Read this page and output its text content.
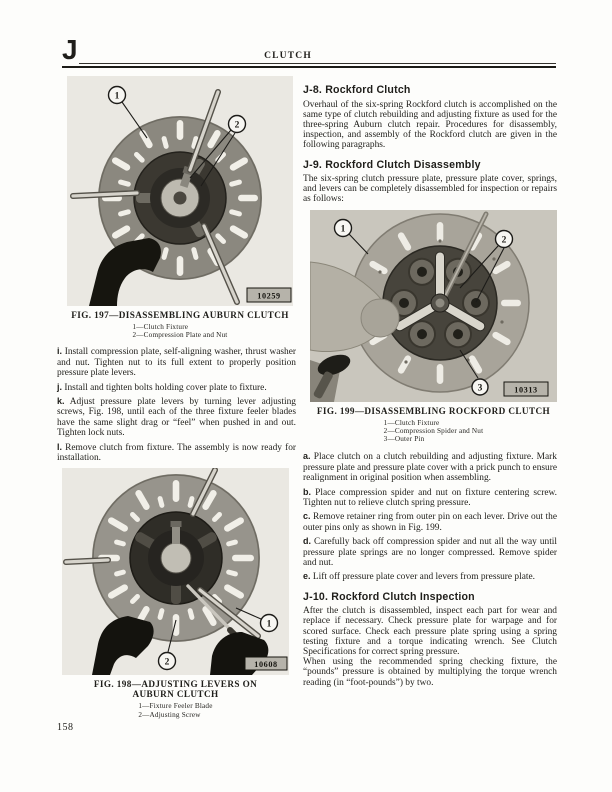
J	CLUTCH
1
2
10259
FIG. 197—DISASSEMBLING AUBURN CLUTCH
1—Clutch Fixture
2—Compression Plate and Nut

i. Install compression plate, self-aligning washer, thrust washer and nut. Tighten nut to its full extent to properly position pressure plate levers.

j. Install and tighten bolts holding cover plate to fixture.

k. Adjust pressure plate levers by turning lever adjusting screws, Fig. 198, until each of the three fixture feeler blades have the same slight drag or “feel” when pushed in and out. Tighten lock nuts.

l. Remove clutch from fixture. The assembly is now ready for installation.

1
2	10608
FIG. 198—ADJUSTING LEVERS ON
AUBURN CLUTCH
1—Fixture Feeler Blade
2—Adjusting Screw
J-8. Rockford Clutch

Overhaul of the six-spring Rockford clutch is accomplished on the same type of clutch rebuilding and adjusting fixture as used for the three-spring Auburn clutch repair. Procedures for disassembly, inspection, and assembly of the Rockford clutch are given in the following paragraphs.

J-9. Rockford Clutch Disassembly

The six-spring clutch pressure plate, pressure plate cover, springs, and levers can be completely disassembled for inspection or repairs as follows:

1
2
3	10313
FIG. 199—DISASSEMBLING ROCKFORD CLUTCH
1—Clutch Fixture
2—Compression Spider and Nut
3—Outer Pin

a. Place clutch on a clutch rebuilding and adjusting fixture. Mark pressure plate and pressure plate cover with a prick punch to ensure realignment in original position when assembling.

b. Place compression spider and nut on fixture centering screw. Tighten nut to relieve clutch spring pressure.

c. Remove retainer ring from outer pin on each lever. Drive out the outer pins only as shown in Fig. 199.

d. Carefully back off compression spider and nut all the way until pressure plate springs are no longer compressed. Remove spider and nut.

e. Lift off pressure plate cover and levers from pressure plate.

J-10. Rockford Clutch Inspection

After the clutch is disassembled, inspect each part for wear and replace if necessary. Check pressure plate for warpage and for scored surface. Check each pressure plate spring using a spring testing fixture and a torque indicating wrench. See Clutch Specifications for correct spring pressure.

When using the recommended spring checking fixture, the “pounds” pressure is obtained by multiplying the torque wrench reading (in “foot-pounds”) by two.

158
